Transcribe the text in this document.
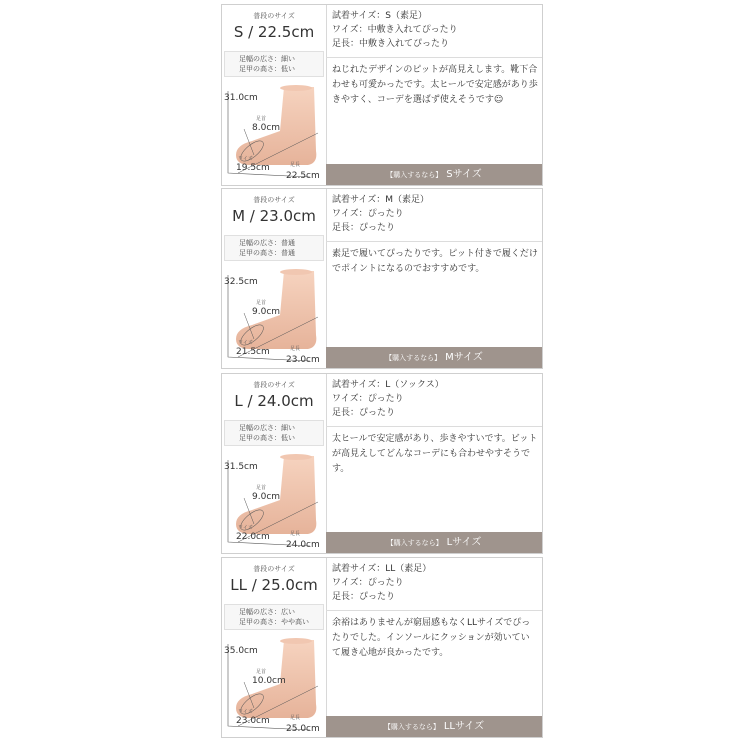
普段のサイズ
S / 22.5cm
足幅の広さ：細い
足甲の高さ：低い
31.0cm
足首
8.0cm
ワイズ
19.5cm	足長
22.5cm
試着サイズ：S（素足）
ワイズ：中敷き入れてぴったり
足長：中敷き入れてぴったり
ねじれたデザインのピットが高見えします。靴下合わせも可愛かったです。太ヒールで安定感があり歩きやすく、コーデを選ばず使えそうです☺
【購入するなら】 Sサイズ
普段のサイズ
M / 23.0cm
足幅の広さ：普通
足甲の高さ：普通
32.5cm
足首
9.0cm
ワイズ
21.5cm	足長
23.0cm
試着サイズ：M（素足）
ワイズ：ぴったり
足長：ぴったり
素足で履いてぴったりです。ピット付きで履くだけでポイントになるのでおすすめです。
【購入するなら】 Mサイズ
普段のサイズ
L / 24.0cm
足幅の広さ：細い
足甲の高さ：低い
31.5cm
足首
9.0cm
ワイズ
22.0cm	足長
24.0cm
試着サイズ：L（ソックス）
ワイズ：ぴったり
足長：ぴったり
太ヒールで安定感があり、歩きやすいです。ビットが高見えしてどんなコーデにも合わせやすそうです。
【購入するなら】 Lサイズ
普段のサイズ
LL / 25.0cm
足幅の広さ：広い
足甲の高さ：やや高い
35.0cm
足首
10.0cm
ワイズ
23.0cm	足長
25.0cm
試着サイズ：LL（素足）
ワイズ：ぴったり
足長：ぴったり
余裕はありませんが窮屈感もなくLLサイズでぴったりでした。インソールにクッションが効いていて履き心地が良かったです。
【購入するなら】 LLサイズ
